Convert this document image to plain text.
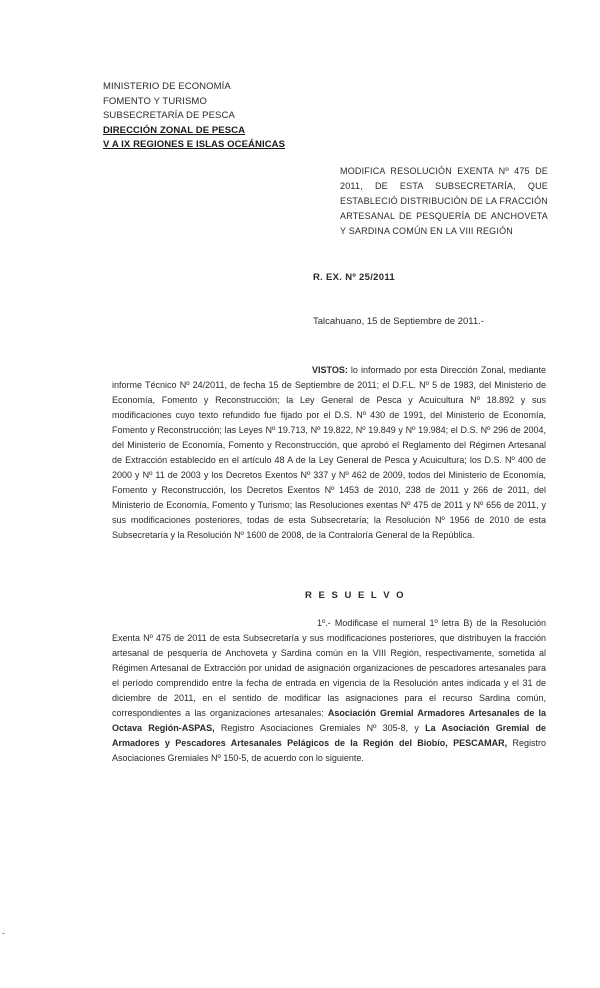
MINISTERIO DE ECONOMÍA
FOMENTO Y TURISMO
SUBSECRETARÍA DE PESCA
DIRECCIÓN ZONAL DE PESCA
V A IX REGIONES E ISLAS OCEÁNICAS
MODIFICA RESOLUCIÓN EXENTA Nº 475 DE 2011, DE ESTA SUBSECRETARÍA, QUE ESTABLECIÓ DISTRIBUCIÓN DE LA FRACCIÓN ARTESANAL DE PESQUERÍA DE ANCHOVETA Y SARDINA COMÚN EN LA VIII REGIÓN
R. EX. Nº 25/2011
Talcahuano, 15 de Septiembre de 2011.-

VISTOS: lo informado por esta Dirección Zonal, mediante informe Técnico Nº 24/2011, de fecha 15 de Septiembre de 2011; el D.F.L. Nº 5 de 1983, del Ministerio de Economía, Fomento y Reconstrucción; la Ley General de Pesca y Acuicultura Nº 18.892 y sus modificaciones cuyo texto refundido fue fijado por el D.S. Nº 430 de 1991, del Ministerio de Economía, Fomento y Reconstrucción; las Leyes Nº 19.713, Nº 19.822, Nº 19.849 y Nº 19.984; el D.S. Nº 296 de 2004, del Ministerio de Economía, Fomento y Reconstrucción, que aprobó el Reglamento del Régimen Artesanal de Extracción establecido en el artículo 48 A de la Ley General de Pesca y Acuicultura; los D.S. Nº 400 de 2000 y Nº 11 de 2003 y los Decretos Exentos Nº 337 y Nº 462 de 2009, todos del Ministerio de Economía, Fomento y Reconstrucción, los Decretos Exentos Nº 1453 de 2010, 238 de 2011 y 266 de 2011, del Ministerio de Economía, Fomento y Turismo; las Resoluciones exentas Nº 475 de 2011 y Nº 656 de 2011, y sus modificaciones posteriores, todas de esta Subsecretaría; la Resolución Nº 1956 de 2010 de esta Subsecretaría y la Resolución Nº 1600 de 2008, de la Contraloría General de la República.

R E S U E L V O

1º.- Modificase el numeral 1º letra B) de la Resolución Exenta Nº 475 de 2011 de esta Subsecretaría y sus modificaciones posteriores, que distribuyen la fracción artesanal de pesquería de Anchoveta y Sardina común en la VIII Región, respectivamente, sometida al Régimen Artesanal de Extracción por unidad de asignación organizaciones de pescadores artesanales para el período comprendido entre la fecha de entrada en vigencia de la Resolución antes indicada y el 31 de diciembre de 2011, en el sentido de modificar las asignaciones para el recurso Sardina común, correspondientes a las organizaciones artesanales: Asociación Gremial Armadores Artesanales de la Octava Región-ASPAS, Registro Asociaciones Gremiales Nº 305-8, y La Asociación Gremial de Armadores y Pescadores Artesanales Pelágicos de la Región del Biobío, PESCAMAR, Registro Asociaciones Gremiales Nº 150-5, de acuerdo con lo siguiente.

-
